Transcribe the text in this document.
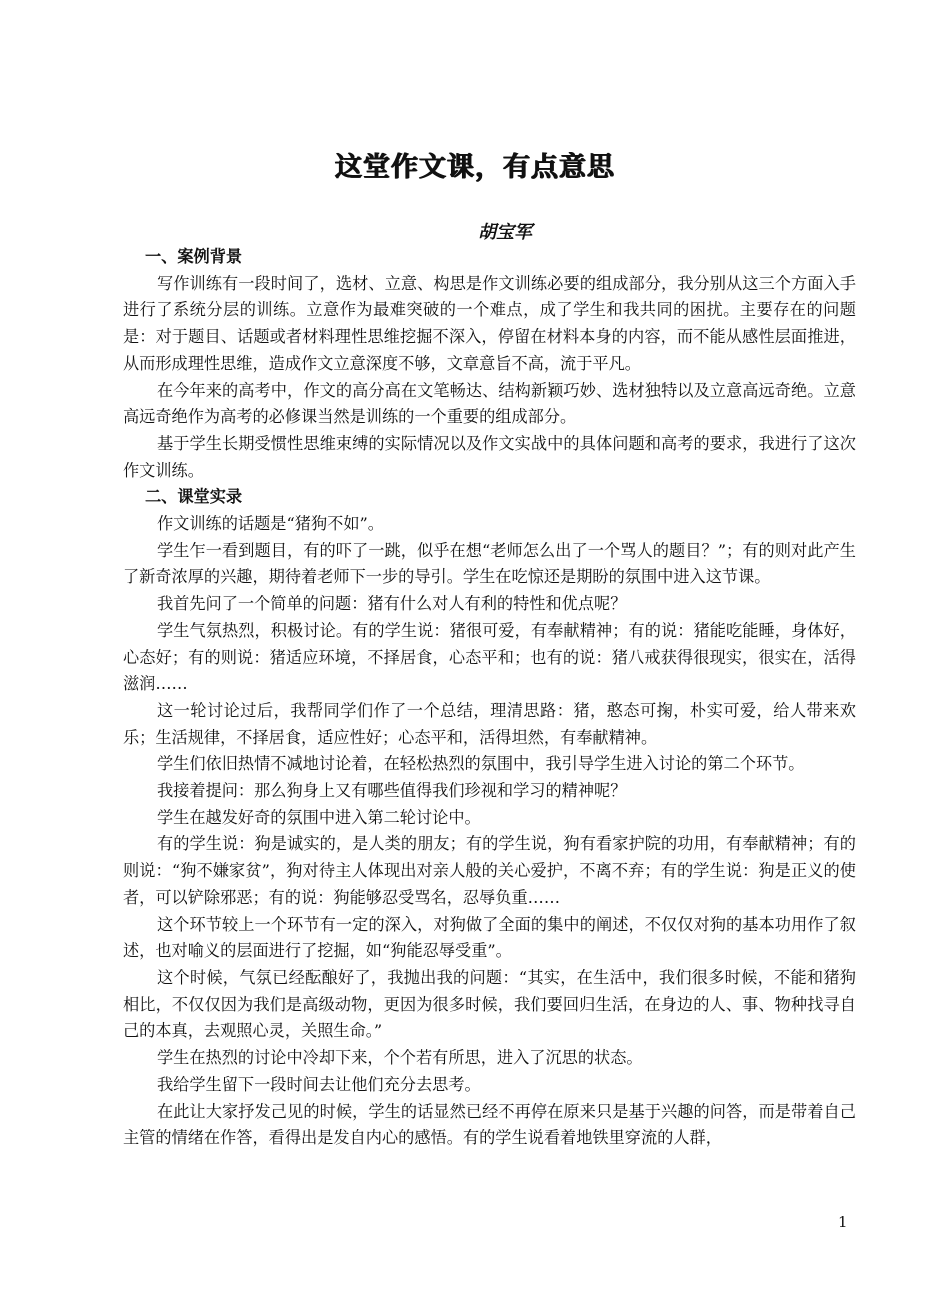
这堂作文课，有点意思
胡宝军

一、案例背景

写作训练有一段时间了，选材、立意、构思是作文训练必要的组成部分，我分别从这三个方面入手进行了系统分层的训练。立意作为最难突破的一个难点，成了学生和我共同的困扰。主要存在的问题是：对于题目、话题或者材料理性思维挖掘不深入，停留在材料本身的内容，而不能从感性层面推进，从而形成理性思维，造成作文立意深度不够，文章意旨不高，流于平凡。

在今年来的高考中，作文的高分高在文笔畅达、结构新颖巧妙、选材独特以及立意高远奇绝。立意高远奇绝作为高考的必修课当然是训练的一个重要的组成部分。

基于学生长期受惯性思维束缚的实际情况以及作文实战中的具体问题和高考的要求，我进行了这次作文训练。

二、课堂实录

作文训练的话题是“猪狗不如”。

学生乍一看到题目，有的吓了一跳，似乎在想“老师怎么出了一个骂人的题目？”；有的则对此产生了新奇浓厚的兴趣，期待着老师下一步的导引。学生在吃惊还是期盼的氛围中进入这节课。

我首先问了一个简单的问题：猪有什么对人有利的特性和优点呢？

学生气氛热烈，积极讨论。有的学生说：猪很可爱，有奉献精神；有的说：猪能吃能睡，身体好，心态好；有的则说：猪适应环境，不择居食，心态平和；也有的说：猪八戒获得很现实，很实在，活得滋润……

这一轮讨论过后，我帮同学们作了一个总结，理清思路：猪，憨态可掬，朴实可爱，给人带来欢乐；生活规律，不择居食，适应性好；心态平和，活得坦然，有奉献精神。

学生们依旧热情不减地讨论着，在轻松热烈的氛围中，我引导学生进入讨论的第二个环节。

我接着提问：那么狗身上又有哪些值得我们珍视和学习的精神呢？

学生在越发好奇的氛围中进入第二轮讨论中。

有的学生说：狗是诚实的，是人类的朋友；有的学生说，狗有看家护院的功用，有奉献精神；有的则说：“狗不嫌家贫”，狗对待主人体现出对亲人般的关心爱护，不离不弃；有的学生说：狗是正义的使者，可以铲除邪恶；有的说：狗能够忍受骂名，忍辱负重……

这个环节较上一个环节有一定的深入，对狗做了全面的集中的阐述，不仅仅对狗的基本功用作了叙述，也对喻义的层面进行了挖掘，如“狗能忍辱受重”。

这个时候，气氛已经酝酿好了，我抛出我的问题：“其实，在生活中，我们很多时候，不能和猪狗相比，不仅仅因为我们是高级动物，更因为很多时候，我们要回归生活，在身边的人、事、物种找寻自己的本真，去观照心灵，关照生命。”

学生在热烈的讨论中冷却下来，个个若有所思，进入了沉思的状态。

我给学生留下一段时间去让他们充分去思考。

在此让大家抒发己见的时候，学生的话显然已经不再停在原来只是基于兴趣的问答，而是带着自己主管的情绪在作答，看得出是发自内心的感悟。有的学生说看着地铁里穿流的人群，

1
